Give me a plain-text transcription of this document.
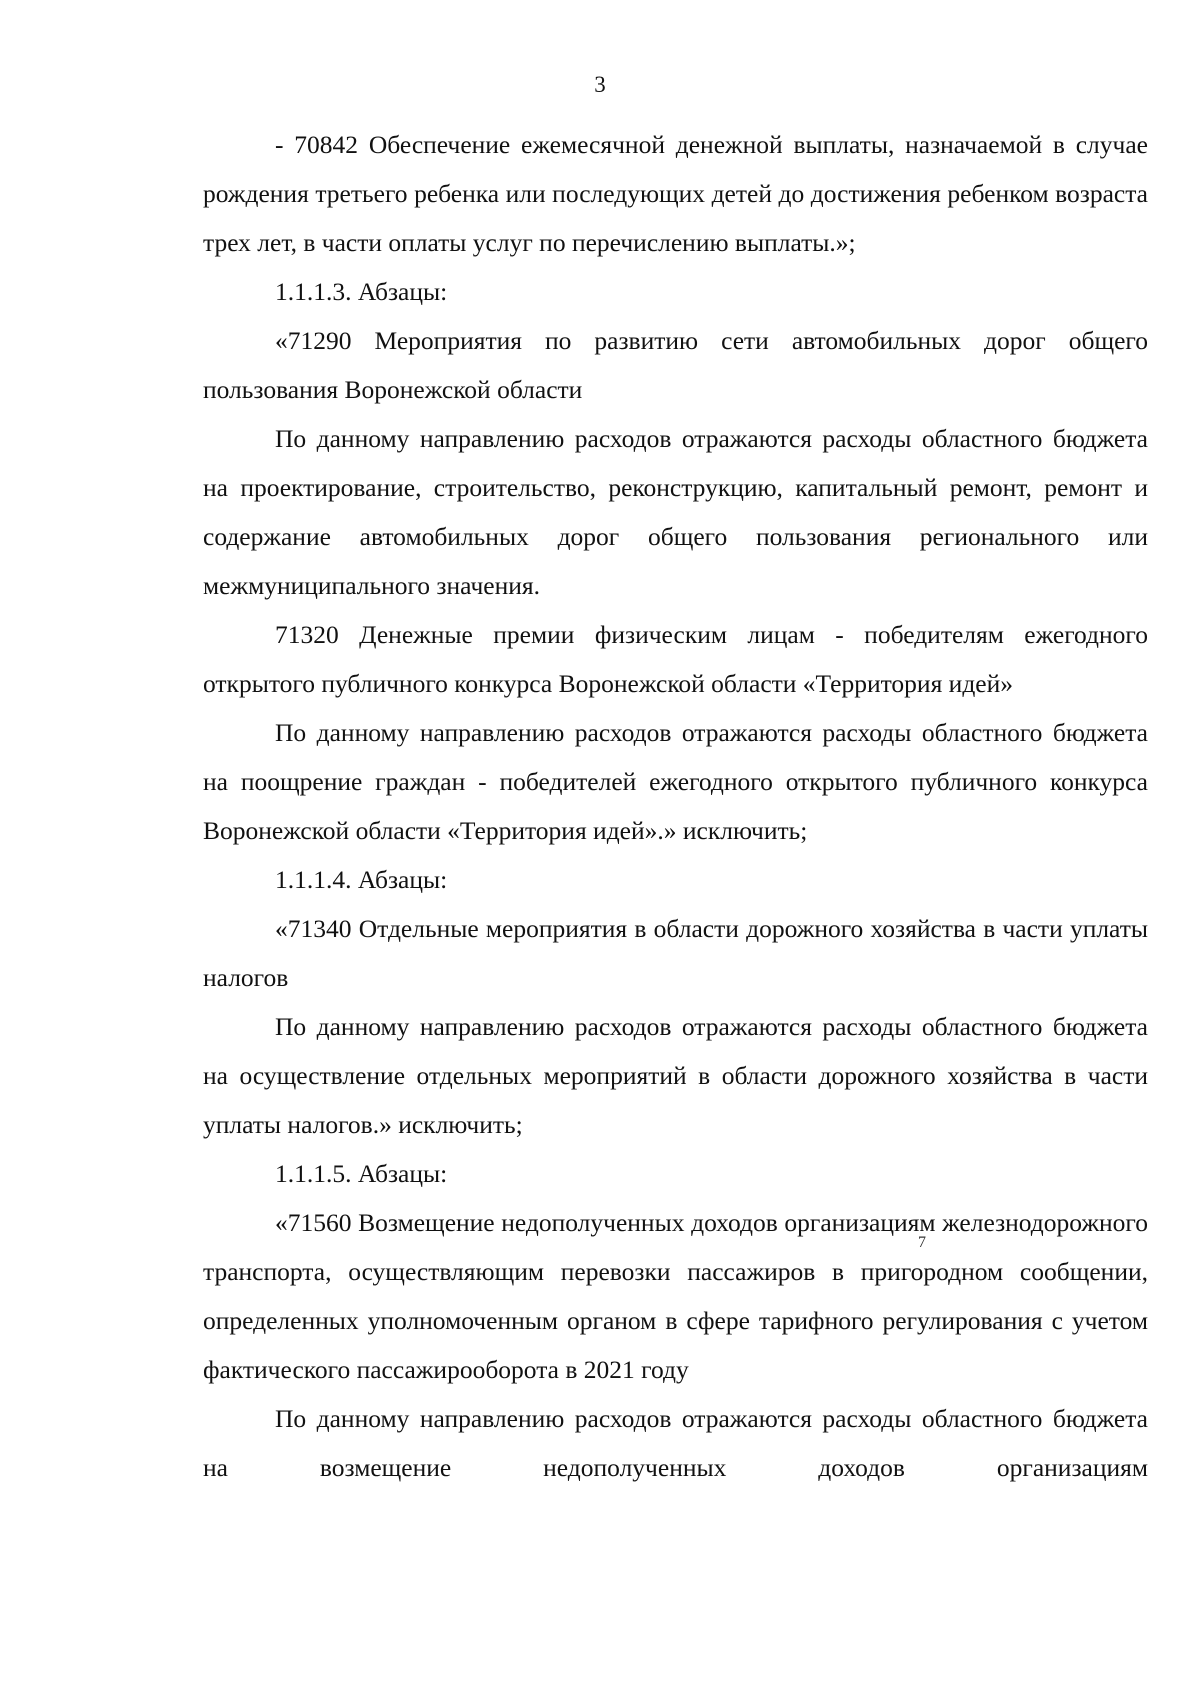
3

- 70842 Обеспечение ежемесячной денежной выплаты, назначаемой в случае рождения третьего ребенка или последующих детей до достижения ребенком возраста трех лет, в части оплаты услуг по перечислению выплаты.»;

1.1.1.3. Абзацы:

«71290 Мероприятия по развитию сети автомобильных дорог общего пользования Воронежской области

По данному направлению расходов отражаются расходы областного бюджета на проектирование, строительство, реконструкцию, капитальный ремонт, ремонт и содержание автомобильных дорог общего пользования регионального или межмуниципального значения.

71320 Денежные премии физическим лицам - победителям ежегодного открытого публичного конкурса Воронежской области «Территория идей»

По данному направлению расходов отражаются расходы областного бюджета на поощрение граждан - победителей ежегодного открытого публичного конкурса Воронежской области «Территория идей».» исключить;

1.1.1.4. Абзацы:

«71340 Отдельные мероприятия в области дорожного хозяйства в части уплаты налогов

По данному направлению расходов отражаются расходы областного бюджета на осуществление отдельных мероприятий в области дорожного хозяйства в части уплаты налогов.» исключить;

1.1.1.5. Абзацы:

«71560 Возмещение недополученных доходов организациям железнодорожного транспорта, осуществляющим перевозки пассажиров в пригородном сообщении, определенных уполномоченным органом в сфере тарифного регулирования с учетом фактического пассажирооборота в 2021 году

По данному направлению расходов отражаются расходы областного бюджета на возмещение недополученных доходов организациям

7
